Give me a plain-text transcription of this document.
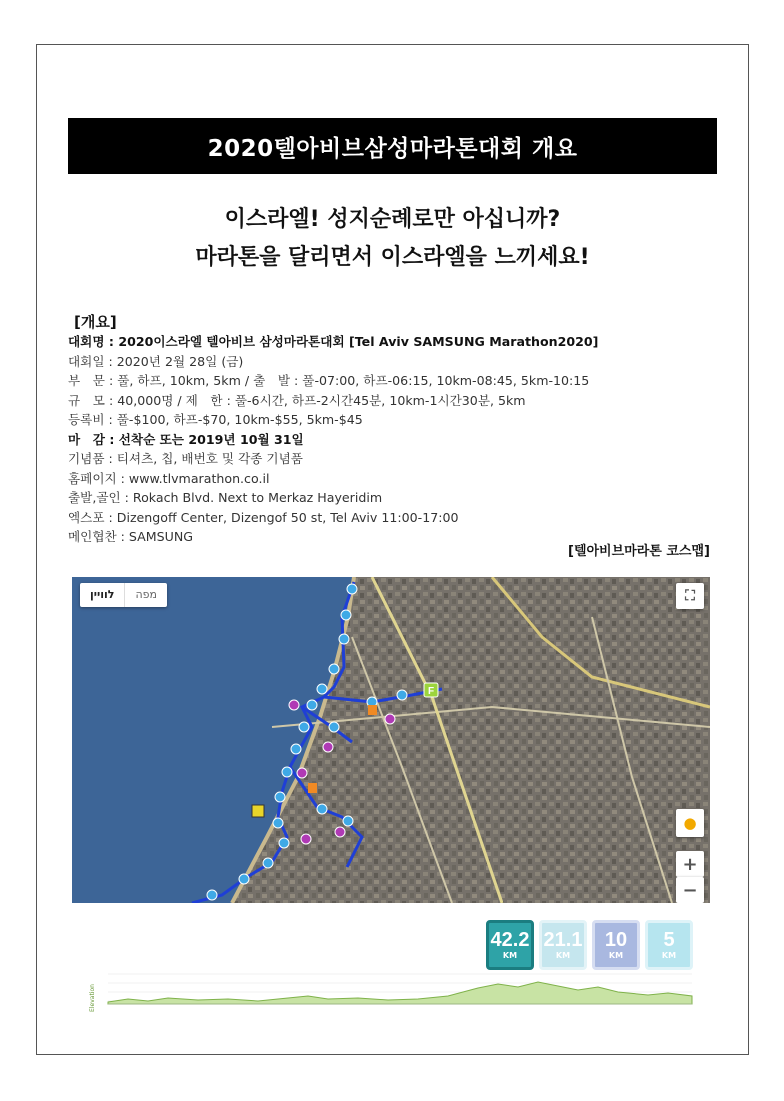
2020텔아비브삼성마라톤대회 개요
이스라엘! 성지순례로만 아십니까?
마라톤을 달리면서 이스라엘을 느끼세요!
[개요]
대회명 : 2020이스라엘 텔아비브 삼성마라톤대회 [Tel Aviv SAMSUNG Marathon2020]
대회일 : 2020년 2월 28일 (금)
부　문 : 풀, 하프, 10km, 5km / 출　발 : 풀-07:00, 하프-06:15, 10km-08:45, 5km-10:15
규　모 : 40,000명 / 제　한 : 풀-6시간, 하프-2시간45분, 10km-1시간30분, 5km
등록비 : 풀-$100, 하프-$70, 10km-$55, 5km-$45
마　감 : 선착순 또는 2019년 10월 31일
기념품 : 티셔츠, 칩, 배번호 및 각종 기념품
홈페이지 : www.tlvmarathon.co.il
출발,골인 : Rokach Blvd. Next to Merkaz Hayeridim
엑스포 : Dizengoff Center, Dizengof 50 st, Tel Aviv 11:00-17:00
메인협찬 : SAMSUNG
[텔아비브마라톤 코스맵]
F
לוויין	מפה	⛶
●
+
−
42.2
KM
21.1
KM
10
KM
5
KM
Elevation
